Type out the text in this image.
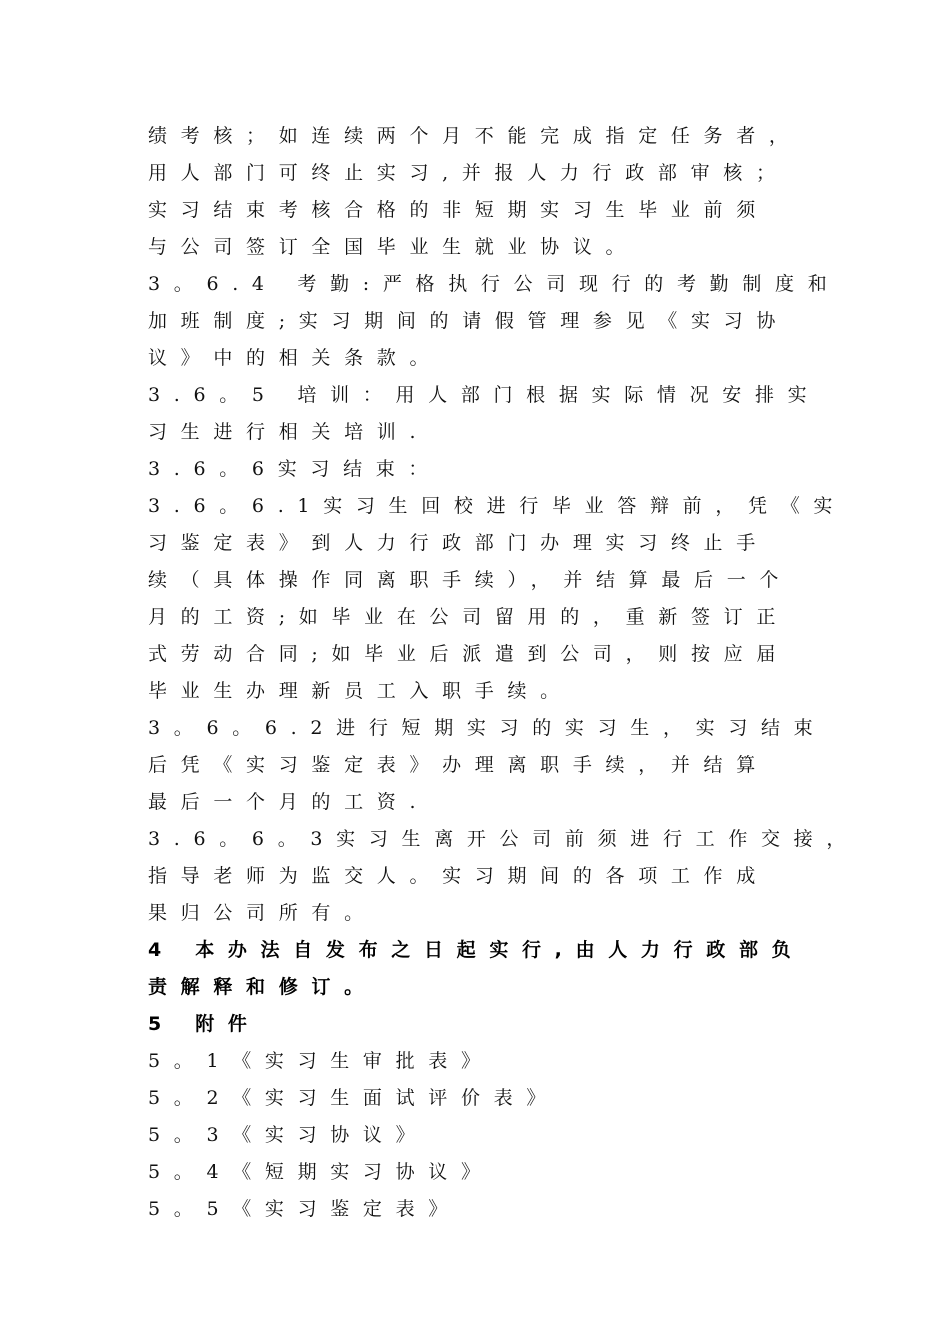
绩考核；如连续两个月不能完成指定任务者，
用人部门可终止实习,并报人力行政部审核；
实习结束考核合格的非短期实习生毕业前须
与公司签订全国毕业生就业协议。
3。6.4 考勤:严格执行公司现行的考勤制度和
加班制度;实习期间的请假管理参见《实习协
议》中的相关条款。
3.6。5 培训：用人部门根据实际情况安排实
习生进行相关培训.
3.6。6实习结束：
3.6。6.1实习生回校进行毕业答辩前，凭《实
习鉴定表》到人力行政部门办理实习终止手
续（具体操作同离职手续），并结算最后一个
月的工资;如毕业在公司留用的，重新签订正
式劳动合同;如毕业后派遣到公司，则按应届
毕业生办理新员工入职手续。
3。6。6.2进行短期实习的实习生，实习结束
后凭《实习鉴定表》办理离职手续，并结算
最后一个月的工资.
3.6。6。3实习生离开公司前须进行工作交接，
指导老师为监交人。实习期间的各项工作成
果归公司所有。
4 本办法自发布之日起实行,由人力行政部负
责解释和修订。
5 附件
5。1《实习生审批表》
5。2《实习生面试评价表》
5。3《实习协议》
5。4《短期实习协议》
5。5《实习鉴定表》
